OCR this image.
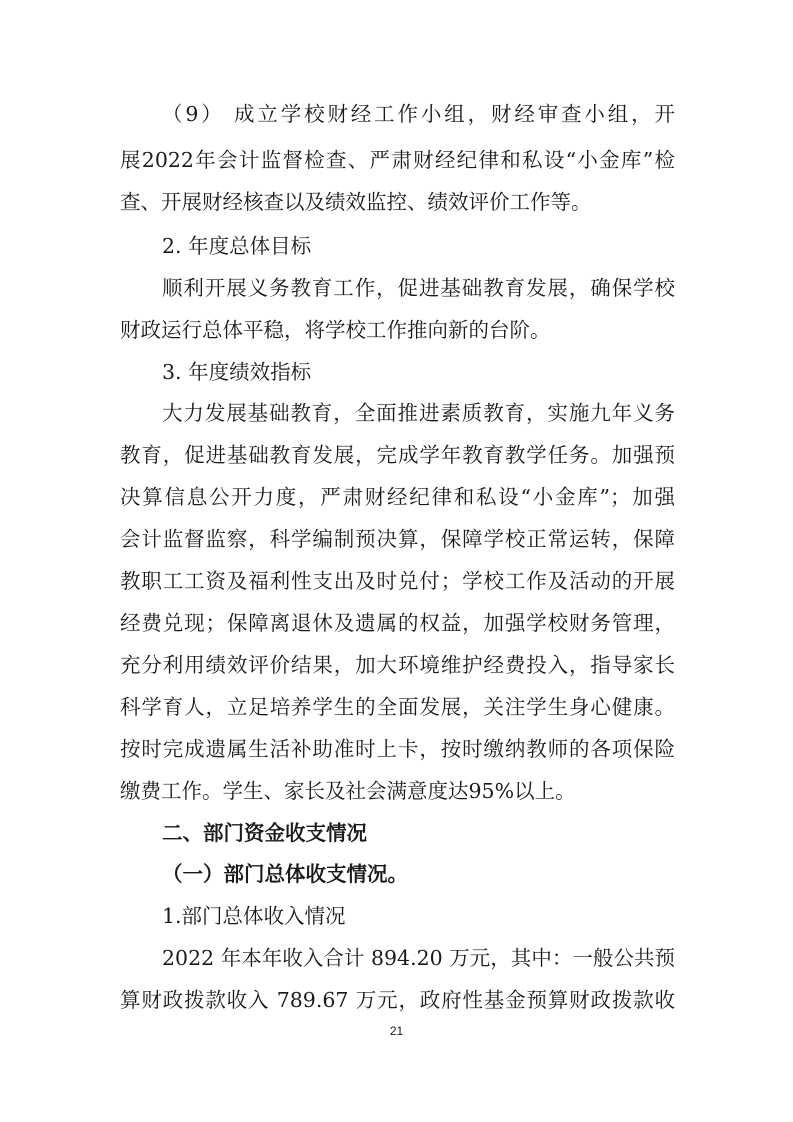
（9） 成立学校财经工作小组，财经审查小组，开
展2022年会计监督检查、严肃财经纪律和私设“小金库”检
查、开展财经核查以及绩效监控、绩效评价工作等。
2. 年度总体目标
顺利开展义务教育工作，促进基础教育发展，确保学校
财政运行总体平稳，将学校工作推向新的台阶。
3. 年度绩效指标
大力发展基础教育，全面推进素质教育，实施九年义务
教育，促进基础教育发展，完成学年教育教学任务。加强预
决算信息公开力度，严肃财经纪律和私设“小金库”；加强
会计监督监察，科学编制预决算，保障学校正常运转，保障
教职工工资及福利性支出及时兑付；学校工作及活动的开展
经费兑现；保障离退休及遗属的权益，加强学校财务管理，
充分利用绩效评价结果，加大环境维护经费投入，指导家长
科学育人，立足培养学生的全面发展，关注学生身心健康。
按时完成遗属生活补助准时上卡，按时缴纳教师的各项保险
缴费工作。学生、家长及社会满意度达95%以上。
二、部门资金收支情况
（一）部门总体收支情况。
1.部门总体收入情况
2022 年本年收入合计 894.20 万元，其中：一般公共预
算财政拨款收入 789.67 万元，政府性基金预算财政拨款收
21
